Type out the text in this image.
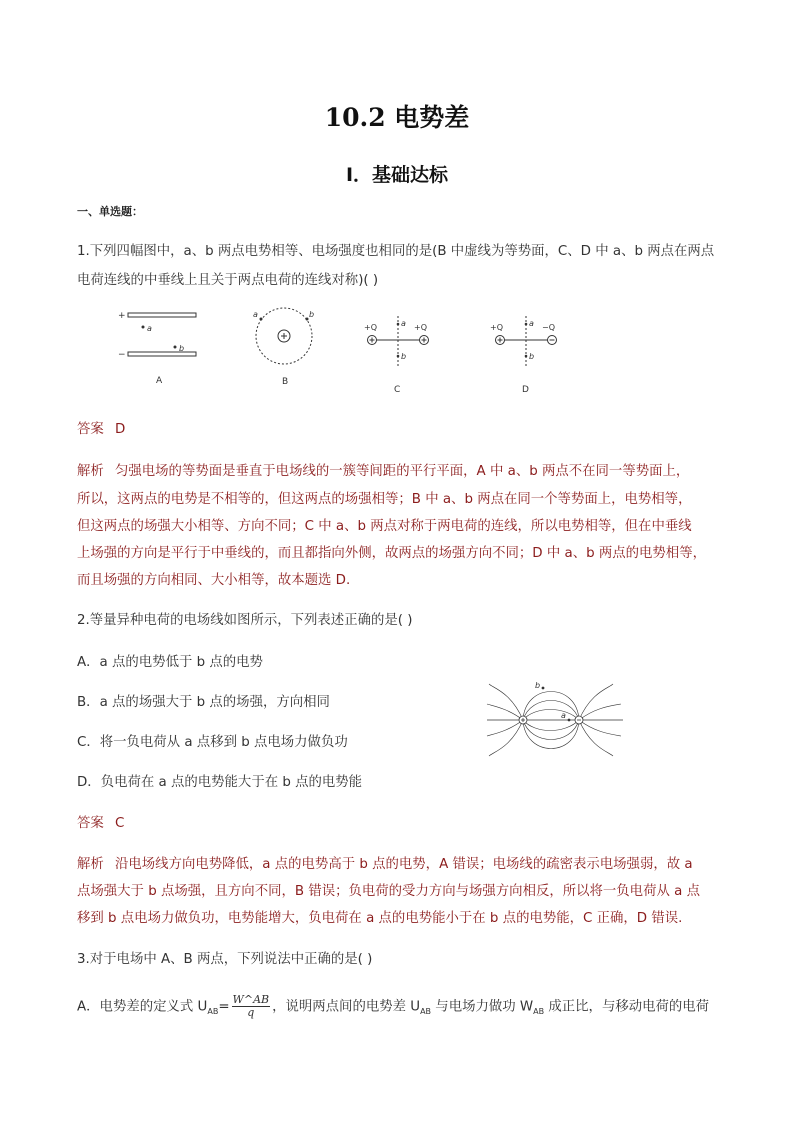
10.2 电势差
Ⅰ．基础达标
一、单选题：
1.下列四幅图中，a、b 两点电势相等、电场强度也相同的是(B 中虚线为等势面，C、D 中 a、b 两点在两点
电荷连线的中垂线上且关于两点电荷的连线对称)( )
+
−
a
b
A
a	b
B
+Q	+Q
a
b
C
+Q	−Q
a
b
D
答案 D
解析 匀强电场的等势面是垂直于电场线的一簇等间距的平行平面，A 中 a、b 两点不在同一等势面上，
所以，这两点的电势是不相等的，但这两点的场强相等；B 中 a、b 两点在同一个等势面上，电势相等，
但这两点的场强大小相等、方向不同；C 中 a、b 两点对称于两电荷的连线，所以电势相等，但在中垂线
上场强的方向是平行于中垂线的，而且都指向外侧，故两点的场强方向不同；D 中 a、b 两点的电势相等，
而且场强的方向相同、大小相等，故本题选 D.
2.等量异种电荷的电场线如图所示，下列表述正确的是( )
A．a 点的电势低于 b 点的电势
B．a 点的场强大于 b 点的场强，方向相同
C．将一负电荷从 a 点移到 b 点电场力做负功
D．负电荷在 a 点的电势能大于在 b 点的电势能
a
b
答案 C
解析 沿电场线方向电势降低，a 点的电势高于 b 点的电势，A 错误；电场线的疏密表示电场强弱，故 a
点场强大于 b 点场强，且方向不同，B 错误；负电荷的受力方向与场强方向相反，所以将一负电荷从 a 点
移到 b 点电场力做负功，电势能增大，负电荷在 a 点的电势能小于在 b 点的电势能，C 正确，D 错误.
3.对于电场中 A、B 两点，下列说法中正确的是( )
A．电势差的定义式 $U_{AB}= \frac{W\^{}AB}{q}$ ，说明两点间的电势差 $U_{AB}$ 与电场力做功 $W_{AB}$ 成正比，与移动电荷的电荷
